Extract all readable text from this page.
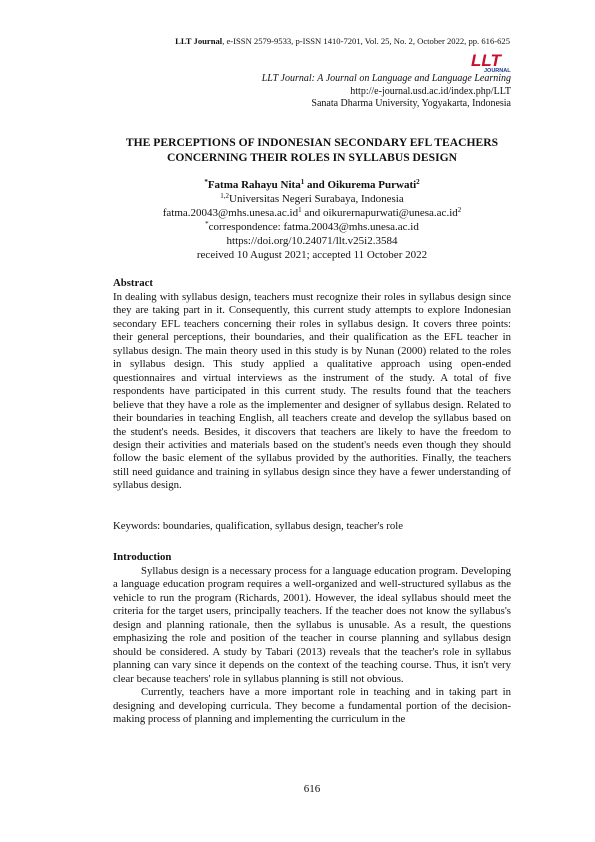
LLT Journal, e-ISSN 2579-9533, p-ISSN 1410-7201, Vol. 25, No. 2, October 2022, pp. 616-625
LLT
JOURNAL
LLT Journal: A Journal on Language and Language Learning
http://e-journal.usd.ac.id/index.php/LLT
Sanata Dharma University, Yogyakarta, Indonesia
THE PERCEPTIONS OF INDONESIAN SECONDARY EFL TEACHERS
CONCERNING THEIR ROLES IN SYLLABUS DESIGN
*Fatma Rahayu Nita$^1$ and Oikurema Purwati$^2$
$^{1,2}$Universitas Negeri Surabaya, Indonesia
$fatma.20043@mhs.unesa.ac.id^1$ and $oikurernapurwati@unesa.ac.id^2$
*correspondence: fatma.20043@mhs.unesa.ac.id
https://doi.org/10.24071/llt.v25i2.3584
received 10 August 2021; accepted 11 October 2022
Abstract
In dealing with syllabus design, teachers must recognize their roles in syllabus design since they are taking part in it. Consequently, this current study attempts to explore Indonesian secondary EFL teachers concerning their roles in syllabus design. It covers three points: their general perceptions, their boundaries, and their qualification as the EFL teacher in syllabus design. The main theory used in this study is by Nunan (2000) related to the roles in syllabus design. This study applied a qualitative approach using open-ended questionnaires and virtual interviews as the instrument of the study. A total of five respondents have participated in this current study. The results found that the teachers believe that they have a role as the implementer and designer of syllabus design. Related to their boundaries in teaching English, all teachers create and develop the syllabus based on the student's needs. Besides, it discovers that teachers are likely to have the freedom to design their activities and materials based on the student's needs even though they should follow the basic element of the syllabus provided by the authorities. Finally, the teachers still need guidance and training in syllabus design since they have a fewer understanding of syllabus design.
Keywords: boundaries, qualification, syllabus design, teacher's role
Introduction

Syllabus design is a necessary process for a language education program. Developing a language education program requires a well-organized and well-structured syllabus as the vehicle to run the program (Richards, 2001). However, the ideal syllabus should meet the criteria for the target users, principally teachers. If the teacher does not know the syllabus's design and planning rationale, then the syllabus is unusable. As a result, the questions emphasizing the role and position of the teacher in course planning and syllabus design should be considered. A study by Tabari (2013) reveals that the teacher's role in syllabus planning can vary since it depends on the context of the teaching course. Thus, it isn't very clear because teachers' role in syllabus planning is still not obvious.

Currently, teachers have a more important role in teaching and in taking part in designing and developing curricula. They become a fundamental portion of the decision-making process of planning and implementing the curriculum in the

616
